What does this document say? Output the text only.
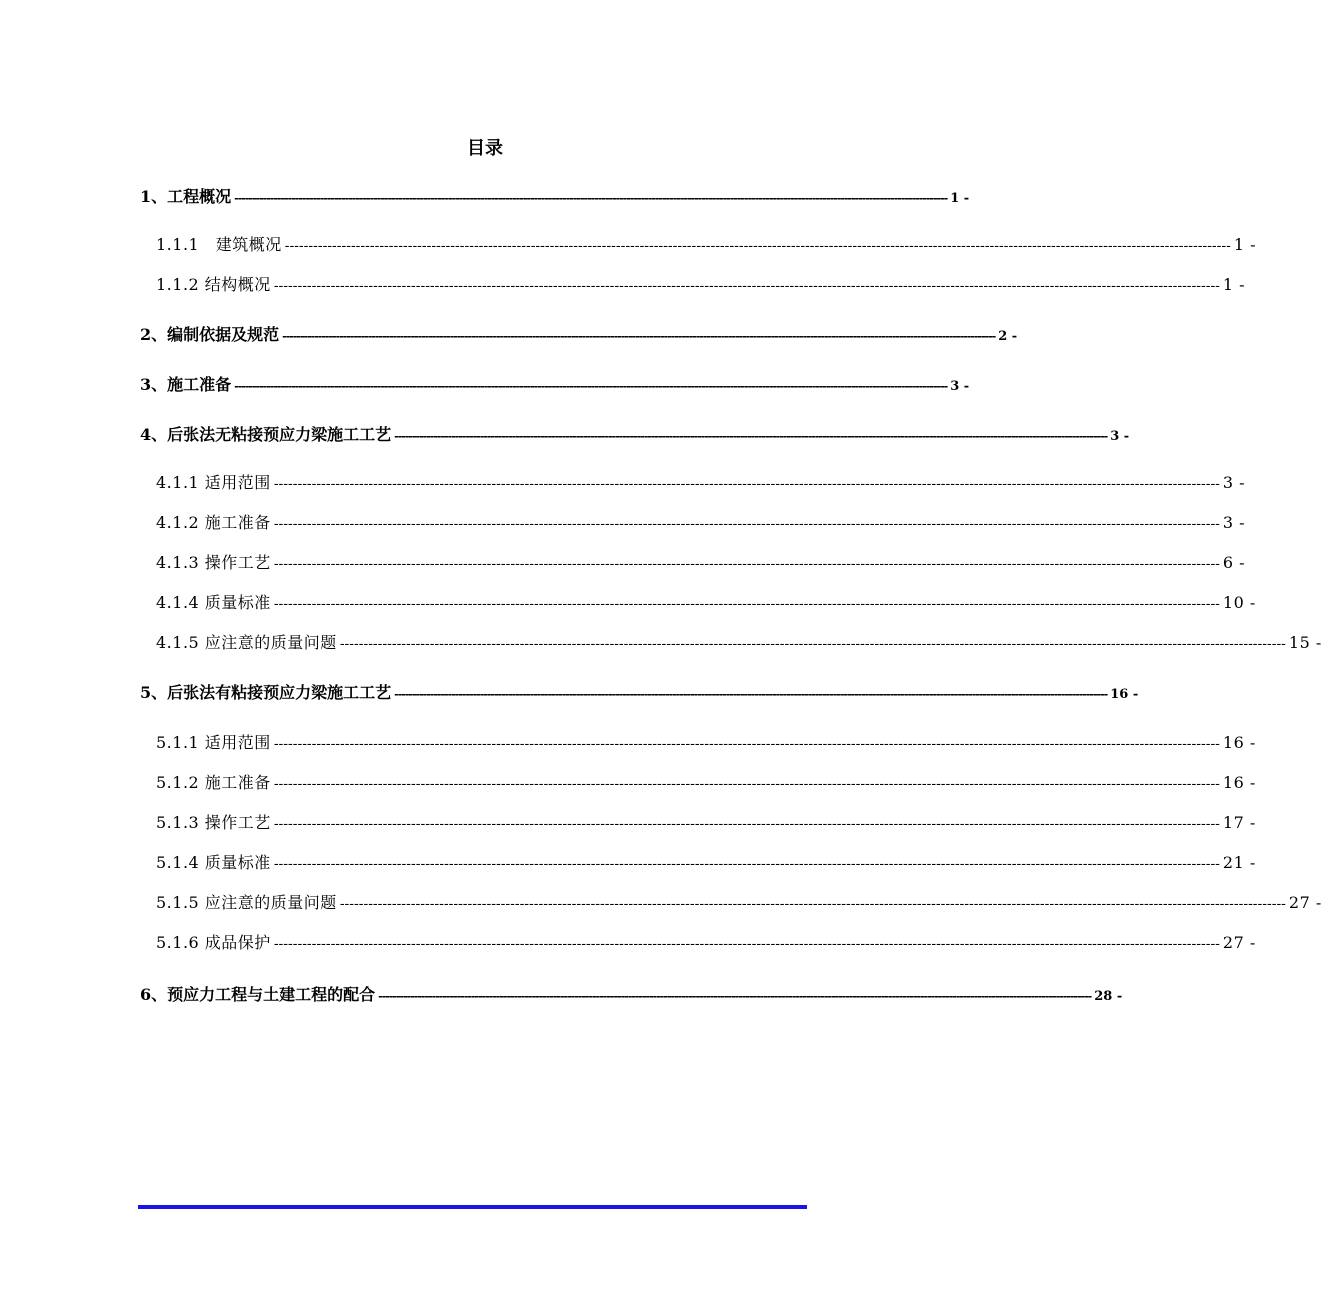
目录
1、工程概况 -------------------------------------------------------------------------------------------------------------------------------------------------------------------------------------------------------- 1 -
1.1.1　建筑概况 -------------------------------------------------------------------------------------------------------------------------------------------------------------------------------------------------------- 1 -
1.1.2 结构概况 -------------------------------------------------------------------------------------------------------------------------------------------------------------------------------------------------------- 1 -
2、编制依据及规范 -------------------------------------------------------------------------------------------------------------------------------------------------------------------------------------------------------- 2 -
3、施工准备 -------------------------------------------------------------------------------------------------------------------------------------------------------------------------------------------------------- 3 -
4、后张法无粘接预应力梁施工工艺 -------------------------------------------------------------------------------------------------------------------------------------------------------------------------------------------------------- 3 -
4.1.1 适用范围 -------------------------------------------------------------------------------------------------------------------------------------------------------------------------------------------------------- 3 -
4.1.2 施工准备 -------------------------------------------------------------------------------------------------------------------------------------------------------------------------------------------------------- 3 -
4.1.3 操作工艺 -------------------------------------------------------------------------------------------------------------------------------------------------------------------------------------------------------- 6 -
4.1.4 质量标准 -------------------------------------------------------------------------------------------------------------------------------------------------------------------------------------------------------- 10 -
4.1.5 应注意的质量问题 -------------------------------------------------------------------------------------------------------------------------------------------------------------------------------------------------------- 15 -
5、后张法有粘接预应力梁施工工艺 -------------------------------------------------------------------------------------------------------------------------------------------------------------------------------------------------------- 16 -
5.1.1 适用范围 -------------------------------------------------------------------------------------------------------------------------------------------------------------------------------------------------------- 16 -
5.1.2 施工准备 -------------------------------------------------------------------------------------------------------------------------------------------------------------------------------------------------------- 16 -
5.1.3 操作工艺 -------------------------------------------------------------------------------------------------------------------------------------------------------------------------------------------------------- 17 -
5.1.4 质量标准 -------------------------------------------------------------------------------------------------------------------------------------------------------------------------------------------------------- 21 -
5.1.5 应注意的质量问题 -------------------------------------------------------------------------------------------------------------------------------------------------------------------------------------------------------- 27 -
5.1.6 成品保护 -------------------------------------------------------------------------------------------------------------------------------------------------------------------------------------------------------- 27 -
6、预应力工程与土建工程的配合 -------------------------------------------------------------------------------------------------------------------------------------------------------------------------------------------------------- 28 -
